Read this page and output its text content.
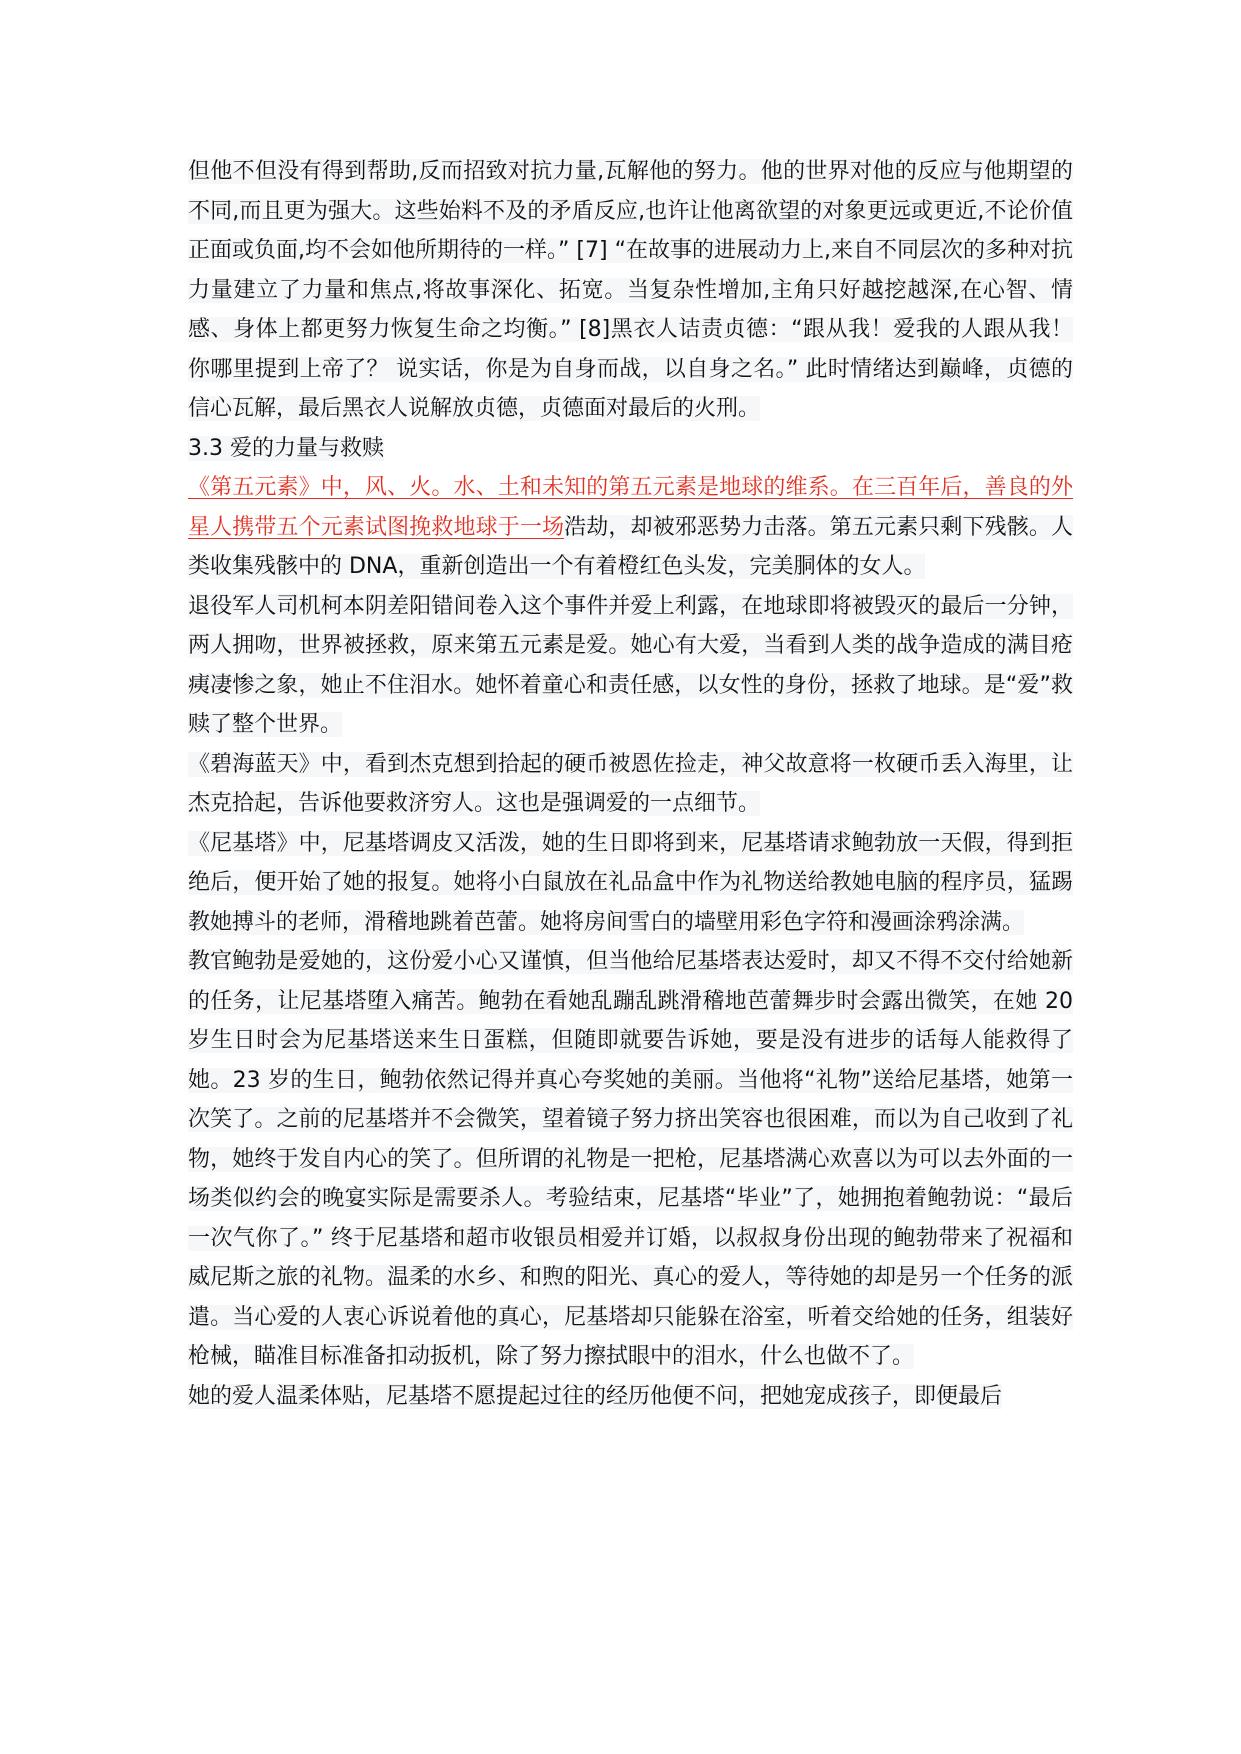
但他不但没有得到帮助,反而招致对抗力量,瓦解他的努力。他的世界对他的反应与他期望的不同,而且更为强大。这些始料不及的矛盾反应,也许让他离欲望的对象更远或更近,不论价值正面或负面,均不会如他所期待的一样。” [7] “在故事的进展动力上,来自不同层次的多种对抗力量建立了力量和焦点,将故事深化、拓宽。当复杂性增加,主角只好越挖越深,在心智、情感、身体上都更努力恢复生命之均衡。” [8]黑衣人诘责贞德：“跟从我！爱我的人跟从我！ 你哪里提到上帝了？ 说实话，你是为自身而战，以自身之名。” 此时情绪达到巅峰，贞德的信心瓦解，最后黑衣人说解放贞德，贞德面对最后的火刑。

3.3 爱的力量与救赎

《第五元素》中，风、火。水、土和未知的第五元素是地球的维系。在三百年后，善良的外星人携带五个元素试图挽救地球于一场浩劫，却被邪恶势力击落。第五元素只剩下残骸。人类收集残骸中的 DNA，重新创造出一个有着橙红色头发，完美胴体的女人。

退役军人司机柯本阴差阳错间卷入这个事件并爱上利露，在地球即将被毁灭的最后一分钟，两人拥吻，世界被拯救，原来第五元素是爱。她心有大爱，当看到人类的战争造成的满目疮痍凄惨之象，她止不住泪水。她怀着童心和责任感，以女性的身份，拯救了地球。是“爱”救赎了整个世界。

《碧海蓝天》中，看到杰克想到拾起的硬币被恩佐捡走，神父故意将一枚硬币丢入海里，让杰克拾起，告诉他要救济穷人。这也是强调爱的一点细节。

《尼基塔》中，尼基塔调皮又活泼，她的生日即将到来，尼基塔请求鲍勃放一天假，得到拒绝后，便开始了她的报复。她将小白鼠放在礼品盒中作为礼物送给教她电脑的程序员，猛踢教她搏斗的老师，滑稽地跳着芭蕾。她将房间雪白的墙壁用彩色字符和漫画涂鸦涂满。

教官鲍勃是爱她的，这份爱小心又谨慎，但当他给尼基塔表达爱时，却又不得不交付给她新的任务，让尼基塔堕入痛苦。鲍勃在看她乱蹦乱跳滑稽地芭蕾舞步时会露出微笑，在她 20 岁生日时会为尼基塔送来生日蛋糕，但随即就要告诉她，要是没有进步的话每人能救得了她。23 岁的生日，鲍勃依然记得并真心夸奖她的美丽。当他将“礼物”送给尼基塔，她第一次笑了。之前的尼基塔并不会微笑，望着镜子努力挤出笑容也很困难，而以为自己收到了礼物，她终于发自内心的笑了。但所谓的礼物是一把枪，尼基塔满心欢喜以为可以去外面的一场类似约会的晚宴实际是需要杀人。考验结束，尼基塔“毕业”了，她拥抱着鲍勃说：“最后一次气你了。” 终于尼基塔和超市收银员相爱并订婚，以叔叔身份出现的鲍勃带来了祝福和威尼斯之旅的礼物。温柔的水乡、和煦的阳光、真心的爱人，等待她的却是另一个任务的派遣。当心爱的人衷心诉说着他的真心，尼基塔却只能躲在浴室，听着交给她的任务，组装好枪械，瞄准目标准备扣动扳机，除了努力擦拭眼中的泪水，什么也做不了。

她的爱人温柔体贴，尼基塔不愿提起过往的经历他便不问，把她宠成孩子，即便最后
